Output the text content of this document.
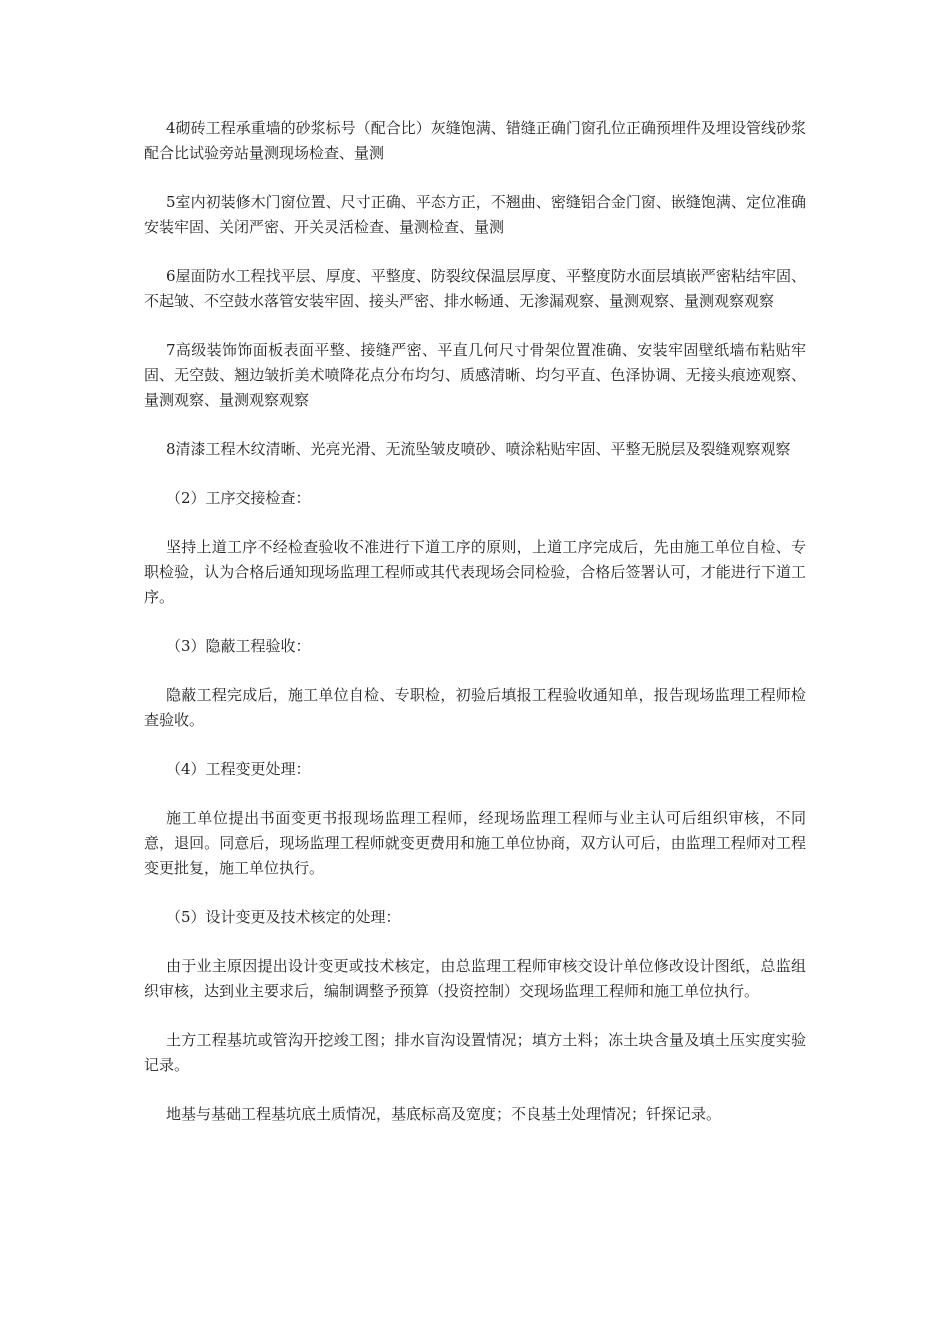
4砌砖工程承重墙的砂浆标号（配合比）灰缝饱满、错缝正确门窗孔位正确预埋件及埋设管线砂浆配合比试验旁站量测现场检查、量测

5室内初装修木门窗位置、尺寸正确、平态方正，不翘曲、密缝铝合金门窗、嵌缝饱满、定位准确安装牢固、关闭严密、开关灵活检查、量测检查、量测

6屋面防水工程找平层、厚度、平整度、防裂纹保温层厚度、平整度防水面层填嵌严密粘结牢固、不起皱、不空鼓水落管安装牢固、接头严密、排水畅通、无渗漏观察、量测观察、量测观察观察

7高级装饰饰面板表面平整、接缝严密、平直几何尺寸骨架位置准确、安装牢固壁纸墙布粘贴牢固、无空鼓、翘边皱折美术喷降花点分布均匀、质感清晰、均匀平直、色泽协调、无接头痕迹观察、量测观察、量测观察观察

8清漆工程木纹清晰、光亮光滑、无流坠皱皮喷砂、喷涂粘贴牢固、平整无脱层及裂缝观察观察

（2）工序交接检查：

坚持上道工序不经检查验收不准进行下道工序的原则，上道工序完成后，先由施工单位自检、专职检验，认为合格后通知现场监理工程师或其代表现场会同检验，合格后签署认可，才能进行下道工序。

（3）隐蔽工程验收：

隐蔽工程完成后，施工单位自检、专职检，初验后填报工程验收通知单，报告现场监理工程师检查验收。

（4）工程变更处理：

施工单位提出书面变更书报现场监理工程师，经现场监理工程师与业主认可后组织审核，不同意，退回。同意后，现场监理工程师就变更费用和施工单位协商，双方认可后，由监理工程师对工程变更批复，施工单位执行。

（5）设计变更及技术核定的处理：

由于业主原因提出设计变更或技术核定，由总监理工程师审核交设计单位修改设计图纸，总监组织审核，达到业主要求后，编制调整予预算（投资控制）交现场监理工程师和施工单位执行。

土方工程基坑或管沟开挖竣工图；排水盲沟设置情况；填方土料；冻土块含量及填土压实度实验记录。

地基与基础工程基坑底土质情况，基底标高及宽度；不良基土处理情况；钎探记录。
